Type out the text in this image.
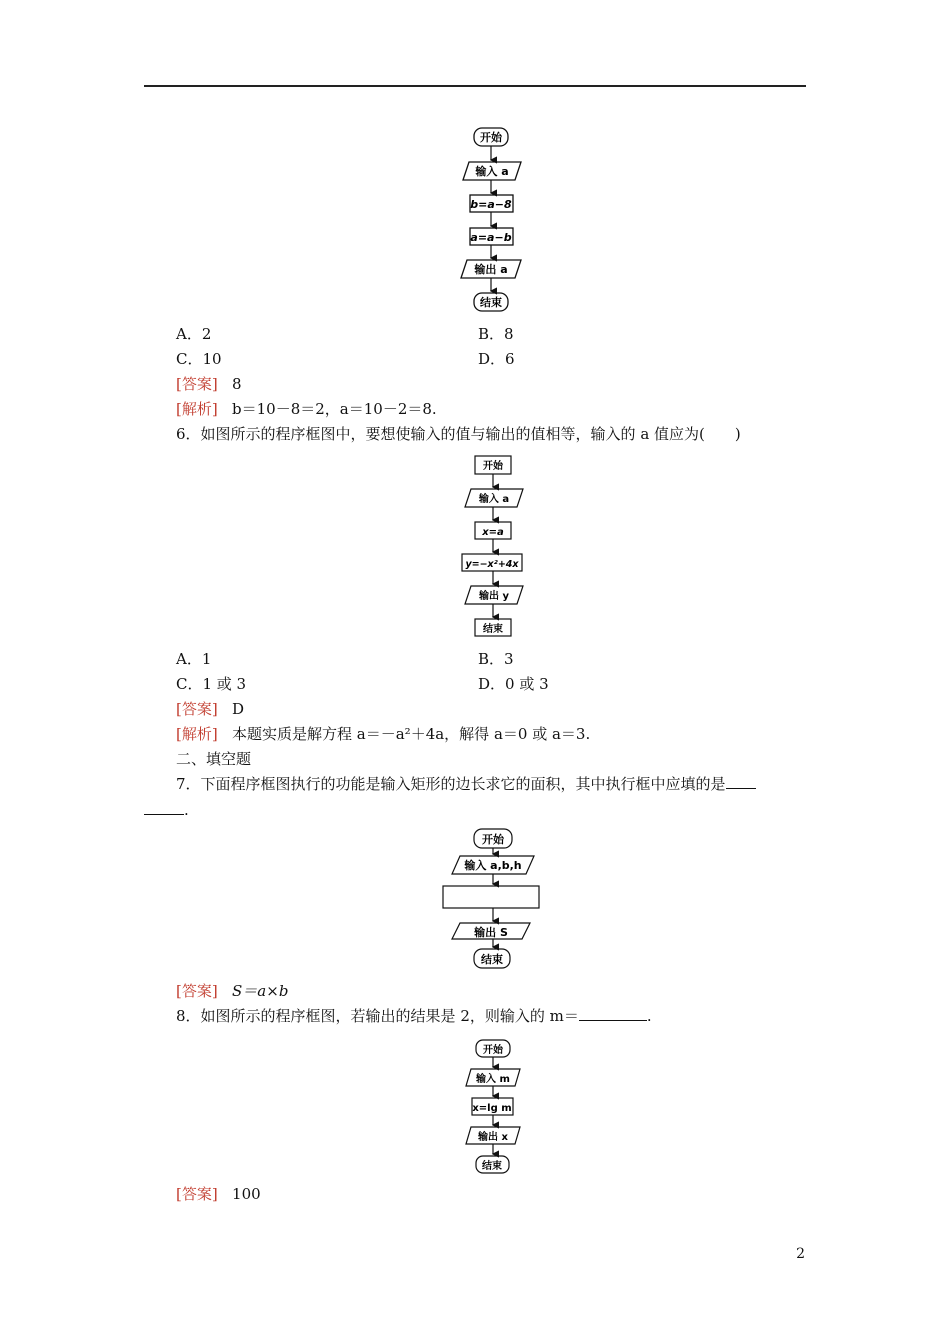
开始
输入 a
b=a−8
a=a−b
输出 a
结束
A．2	B．8
C．10	D．6
[答案] 8
[解析] b＝10－8＝2，a＝10－2＝8.
6．如图所示的程序框图中，要想使输入的值与输出的值相等，输入的 a 值应为(　　)
开始
输入 a
x=a
y=−x²+4x
输出 y
结束
A．1	B．3
C．1 或 3	D．0 或 3
[答案] D
[解析] 本题实质是解方程 a＝－a²＋4a，解得 a＝0 或 a＝3.
二、填空题
7．下面程序框图执行的功能是输入矩形的边长求它的面积，其中执行框中应填的是
.
开始
输入 a,b,h
输出 S
结束
[答案] S＝a×b
8．如图所示的程序框图，若输出的结果是 2，则输入的 m＝	.
开始
输入 m
x=lg m
输出 x
结束
[答案] 100
2
